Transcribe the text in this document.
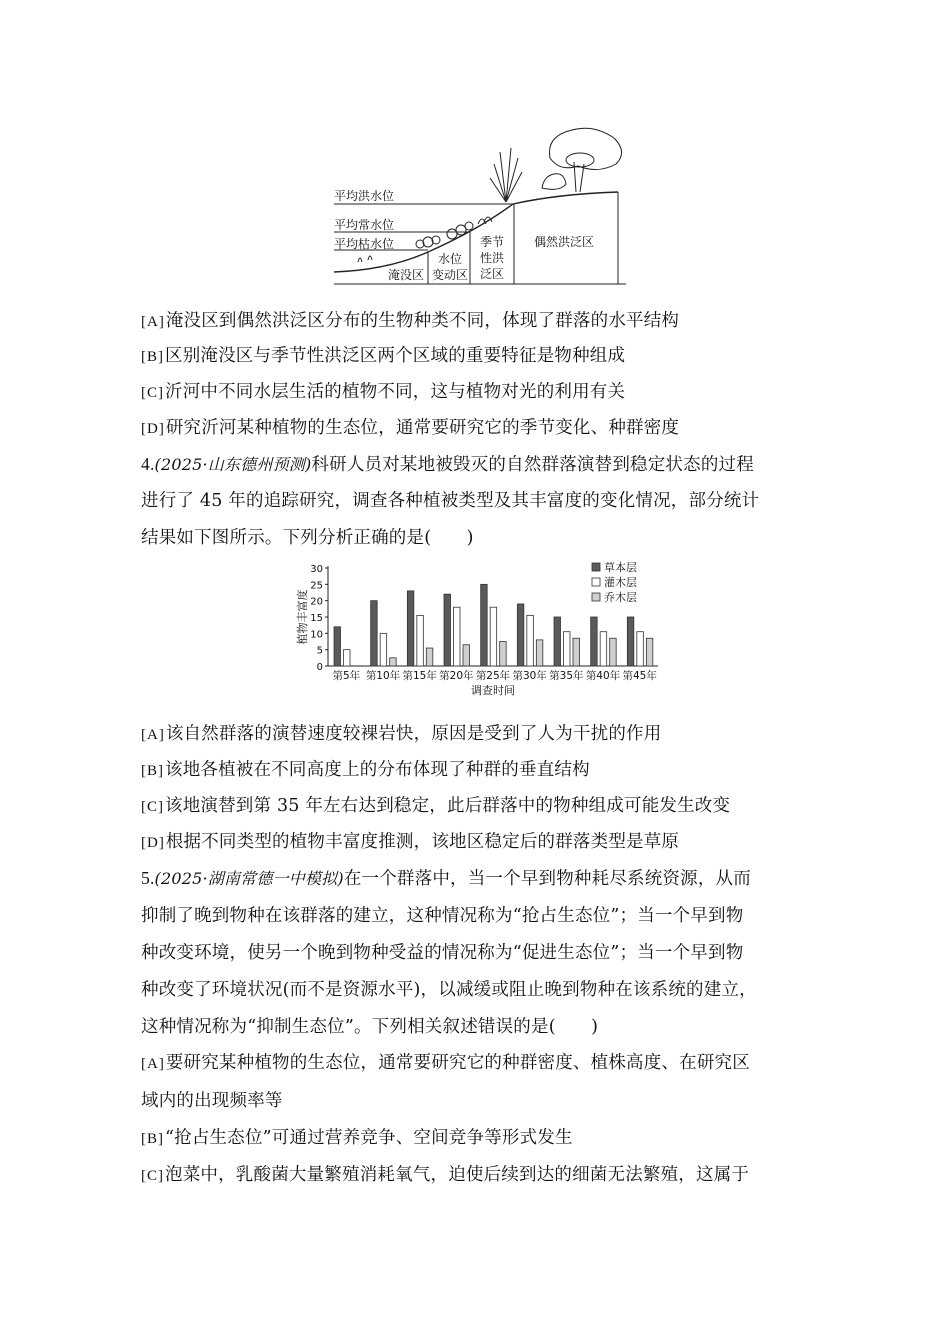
平均洪水位
平均常水位
平均枯水位
淹没区
水位
变动区
季节
性洪
泛区
偶然洪泛区
[A]淹没区到偶然洪泛区分布的生物种类不同，体现了群落的水平结构
[B]区别淹没区与季节性洪泛区两个区域的重要特征是物种组成
[C]沂河中不同水层生活的植物不同，这与植物对光的利用有关
[D]研究沂河某种植物的生态位，通常要研究它的季节变化、种群密度
4.(2025·山东德州预测)科研人员对某地被毁灭的自然群落演替到稳定状态的过程
进行了 45 年的追踪研究，调查各种植被类型及其丰富度的变化情况，部分统计
结果如下图所示。下列分析正确的是(　　)
0
5
10
15
20
25
30
植物丰富度
第5年 第10年 第15年 第20年 第25年 第30年 第35年 第40年 第45年
调查时间
草本层
灌木层
乔木层
[A]该自然群落的演替速度较裸岩快，原因是受到了人为干扰的作用
[B]该地各植被在不同高度上的分布体现了种群的垂直结构
[C]该地演替到第 35 年左右达到稳定，此后群落中的物种组成可能发生改变
[D]根据不同类型的植物丰富度推测，该地区稳定后的群落类型是草原
5.(2025·湖南常德一中模拟)在一个群落中，当一个早到物种耗尽系统资源，从而
抑制了晚到物种在该群落的建立，这种情况称为“抢占生态位”；当一个早到物
种改变环境，使另一个晚到物种受益的情况称为“促进生态位”；当一个早到物
种改变了环境状况(而不是资源水平)，以减缓或阻止晚到物种在该系统的建立，
这种情况称为“抑制生态位”。下列相关叙述错误的是(　　)
[A]要研究某种植物的生态位，通常要研究它的种群密度、植株高度、在研究区
域内的出现频率等
[B]“抢占生态位”可通过营养竞争、空间竞争等形式发生
[C]泡菜中，乳酸菌大量繁殖消耗氧气，迫使后续到达的细菌无法繁殖，这属于
